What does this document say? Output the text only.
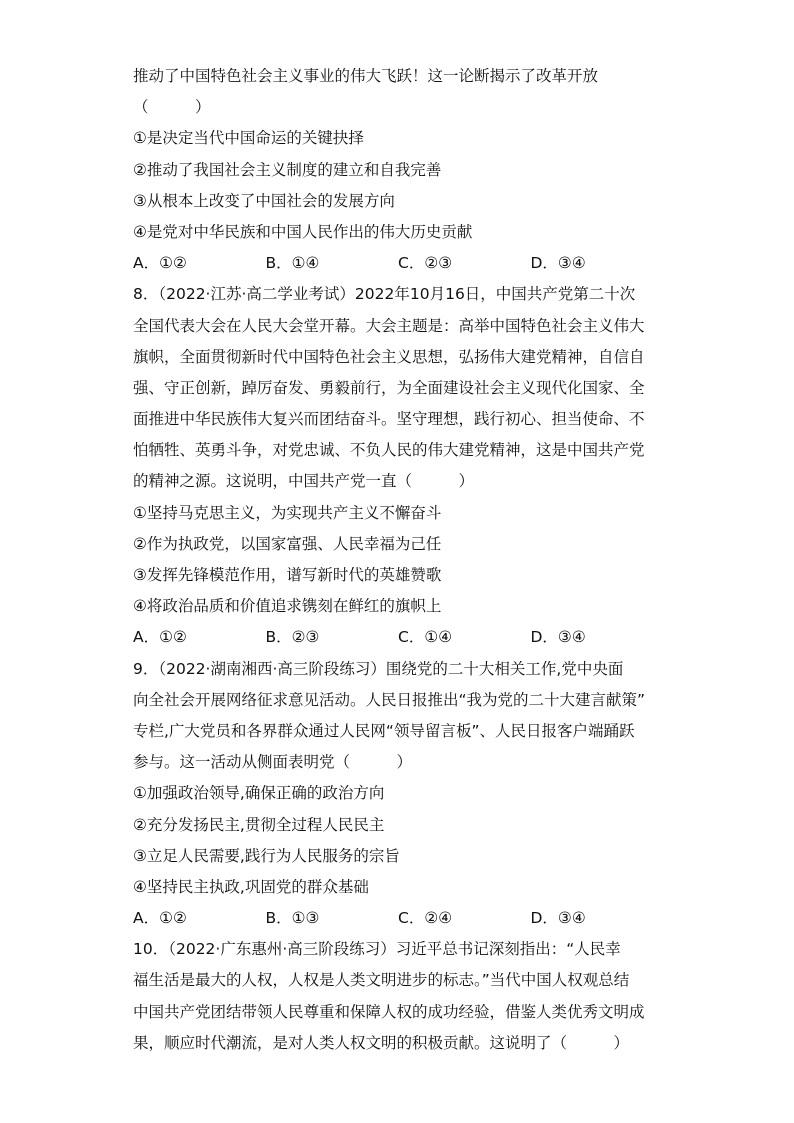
推动了中国特色社会主义事业的伟大飞跃！这一论断揭示了改革开放
（　　　）
①是决定当代中国命运的关键抉择
②推动了我国社会主义制度的建立和自我完善
③从根本上改变了中国社会的发展方向
④是党对中华民族和中国人民作出的伟大历史贡献
A．①②	B．①④	C．②③	D．③④
8．（2022·江苏·高二学业考试）2022年10月16日，中国共产党第二十次
全国代表大会在人民大会堂开幕。大会主题是：高举中国特色社会主义伟大
旗帜，全面贯彻新时代中国特色社会主义思想，弘扬伟大建党精神，自信自
强、守正创新，踔厉奋发、勇毅前行，为全面建设社会主义现代化国家、全
面推进中华民族伟大复兴而团结奋斗。坚守理想，践行初心、担当使命、不
怕牺牲、英勇斗争，对党忠诚、不负人民的伟大建党精神，这是中国共产党
的精神之源。这说明，中国共产党一直（　　　）
①坚持马克思主义，为实现共产主义不懈奋斗
②作为执政党，以国家富强、人民幸福为己任
③发挥先锋模范作用，谱写新时代的英雄赞歌
④将政治品质和价值追求镌刻在鲜红的旗帜上
A．①②	B．②③	C．①④	D．③④
9．（2022·湖南湘西·高三阶段练习）围绕党的二十大相关工作,党中央面
向全社会开展网络征求意见活动。人民日报推出“我为党的二十大建言献策”
专栏,广大党员和各界群众通过人民网“领导留言板”、人民日报客户端踊跃
参与。这一活动从侧面表明党（　　　）
①加强政治领导,确保正确的政治方向
②充分发扬民主,贯彻全过程人民民主
③立足人民需要,践行为人民服务的宗旨
④坚持民主执政,巩固党的群众基础
A．①②	B．①③	C．②④	D．③④
10．（2022·广东惠州·高三阶段练习）习近平总书记深刻指出：“人民幸
福生活是最大的人权，人权是人类文明进步的标志。”当代中国人权观总结
中国共产党团结带领人民尊重和保障人权的成功经验，借鉴人类优秀文明成
果，顺应时代潮流，是对人类人权文明的积极贡献。这说明了（　　　）
